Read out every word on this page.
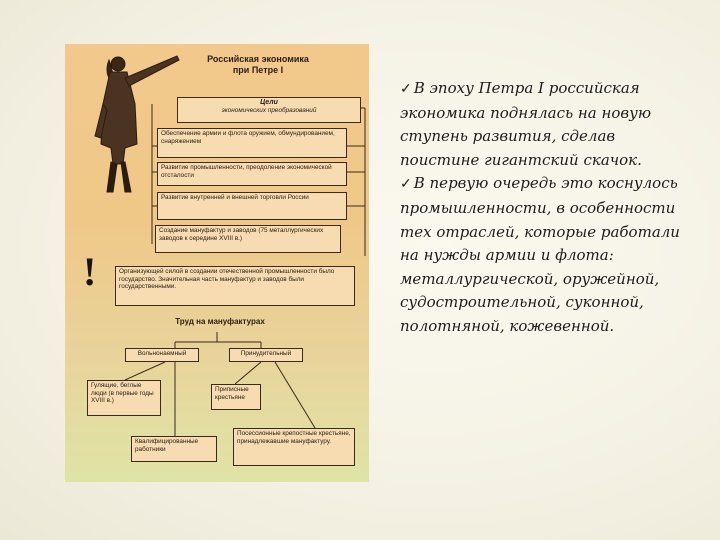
Российская экономика
при Петре I
Цели
экономических преобразований
Обеспечение армии и флота оружием, обмундированием, снаряжением
Развитие промышленности, преодоление экономической отсталости
Развитие внутренней и внешней торговли России
Создание мануфактур и заводов (75 металлургических заводов к середине XVIII в.)
!	Организующей силой в создании отечественной промышленности было государство. Значительная часть мануфактур и заводов были государственными.
Труд на мануфактурах
Вольнонаемный	Принудительный
Гулящие, беглые люди (в первые годы XVIII в.)
Приписные крестьяне
Квалифицированные работники
Посессионные крепостные крестьяне, принадлежавшие мануфактуру.

✓ В эпоху Петра I российская экономика поднялась на новую ступень развития, сделав поистине гигантский скачок.

✓ В первую очередь это коснулось промышленности, в особенности тех отраслей, которые работали на нужды армии и флота: металлургической, оружейной, судостроительной, суконной, полотняной, кожевенной.
